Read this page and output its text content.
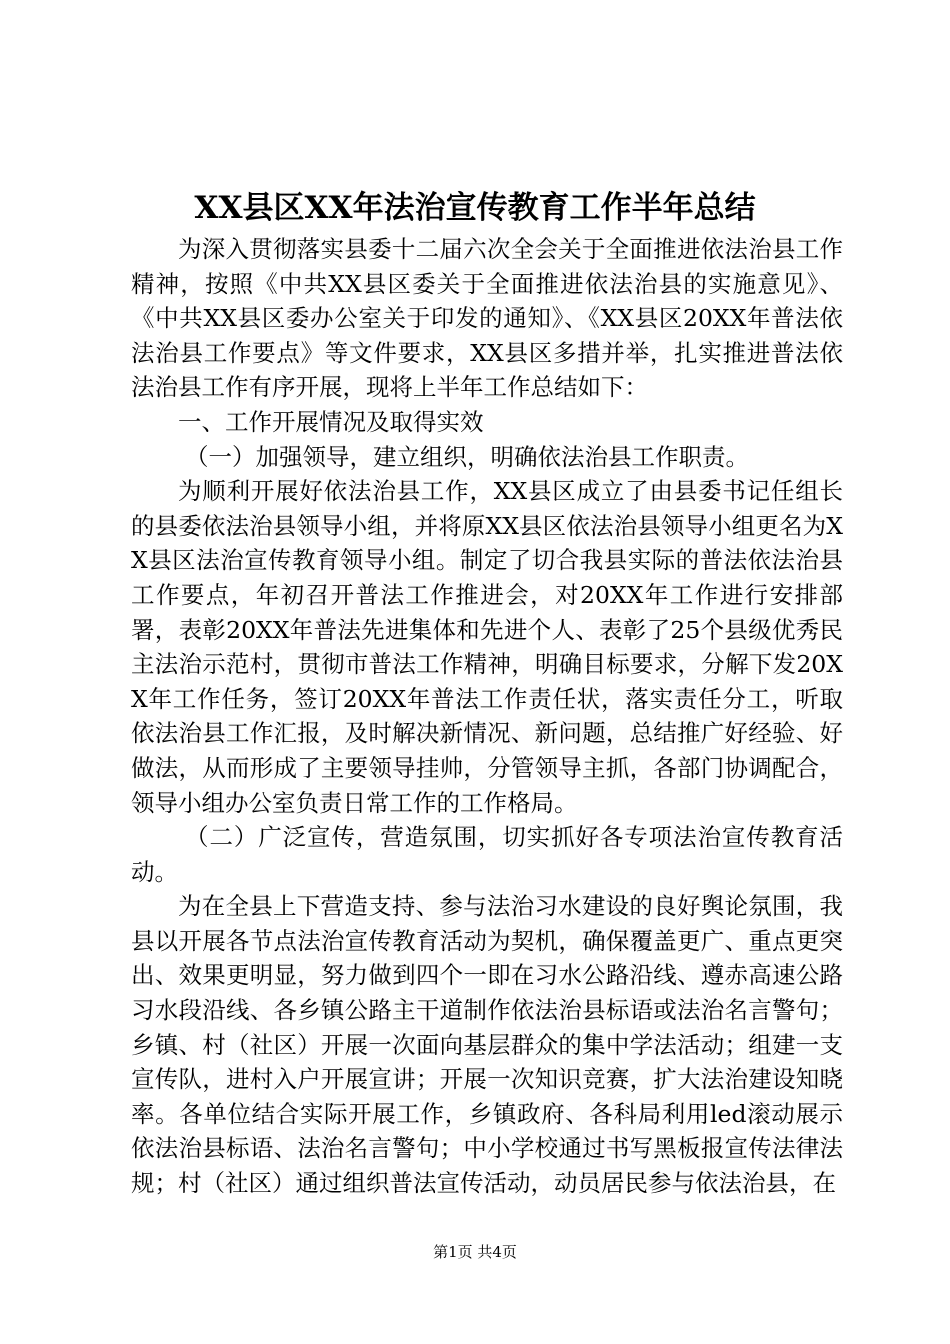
XX县区XX年法治宣传教育工作半年总结

为深入贯彻落实县委十二届六次全会关于全面推进依法治县工作精神，按照《中共XX县区委关于全面推进依法治县的实施意见》、《中共XX县区委办公室关于印发的通知》、《XX县区20XX年普法依法治县工作要点》等文件要求，XX县区多措并举，扎实推进普法依法治县工作有序开展，现将上半年工作总结如下：

一、工作开展情况及取得实效

（一）加强领导，建立组织，明确依法治县工作职责。

为顺利开展好依法治县工作，XX县区成立了由县委书记任组长的县委依法治县领导小组，并将原XX县区依法治县领导小组更名为XX县区法治宣传教育领导小组。制定了切合我县实际的普法依法治县工作要点，年初召开普法工作推进会，对20XX年工作进行安排部署，表彰20XX年普法先进集体和先进个人、表彰了25个县级优秀民主法治示范村，贯彻市普法工作精神，明确目标要求，分解下发20XX年工作任务，签订20XX年普法工作责任状，落实责任分工，听取依法治县工作汇报，及时解决新情况、新问题，总结推广好经验、好做法，从而形成了主要领导挂帅，分管领导主抓，各部门协调配合，领导小组办公室负责日常工作的工作格局。

（二）广泛宣传，营造氛围，切实抓好各专项法治宣传教育活动。

为在全县上下营造支持、参与法治习水建设的良好舆论氛围，我县以开展各节点法治宣传教育活动为契机，确保覆盖更广、重点更突出、效果更明显，努力做到四个一即在习水公路沿线、遵赤高速公路习水段沿线、各乡镇公路主干道制作依法治县标语或法治名言警句；乡镇、村（社区）开展一次面向基层群众的集中学法活动；组建一支宣传队，进村入户开展宣讲；开展一次知识竞赛，扩大法治建设知晓率。各单位结合实际开展工作，乡镇政府、各科局利用led滚动展示依法治县标语、法治名言警句；中小学校通过书写黑板报宣传法律法规；村（社区）通过组织普法宣传活动，动员居民参与依法治县，在

第1页 共4页
